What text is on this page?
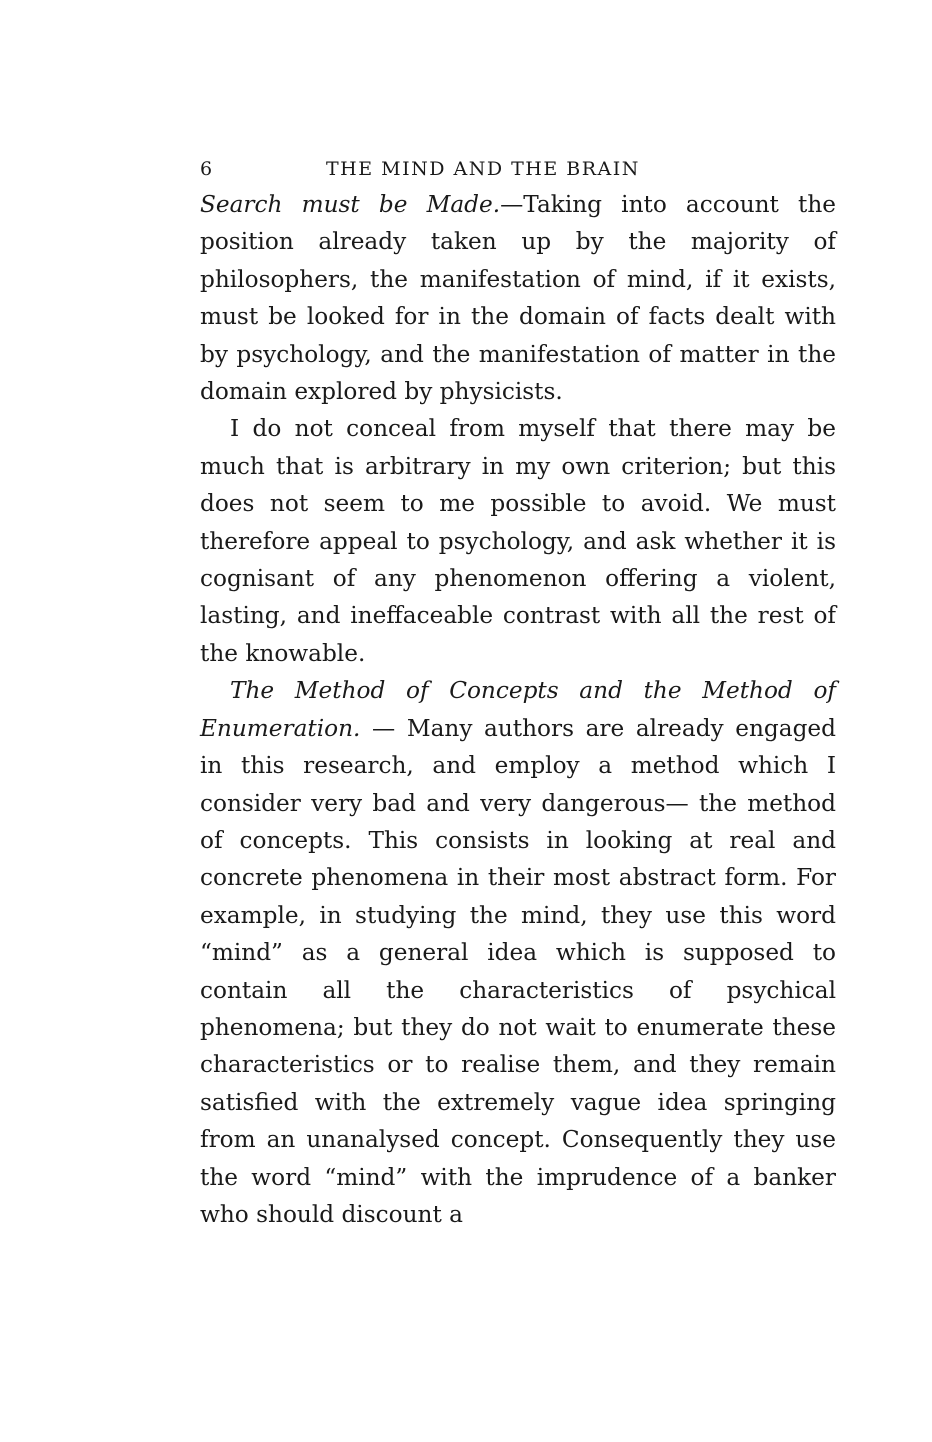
6	THE MIND AND THE BRAIN

Search must be Made.—Taking into account the position already taken up by the majority of philosophers, the manifestation of mind, if it exists, must be looked for in the domain of facts dealt with by psychology, and the manifestation of matter in the domain explored by physicists.

I do not conceal from myself that there may be much that is arbitrary in my own criterion; but this does not seem to me possible to avoid. We must therefore appeal to psychology, and ask whether it is cognisant of any phenomenon offering a violent, lasting, and ineffaceable contrast with all the rest of the knowable.

The Method of Concepts and the Method of Enumeration. — Many authors are already engaged in this research, and employ a method which I consider very bad and very dangerous— the method of concepts. This consists in looking at real and concrete phenomena in their most abstract form. For example, in studying the mind, they use this word “mind” as a general idea which is supposed to contain all the characteristics of psychical phenomena; but they do not wait to enumerate these characteristics or to realise them, and they remain satisfied with the extremely vague idea springing from an unanalysed concept. Consequently they use the word “mind” with the imprudence of a banker who should discount a
